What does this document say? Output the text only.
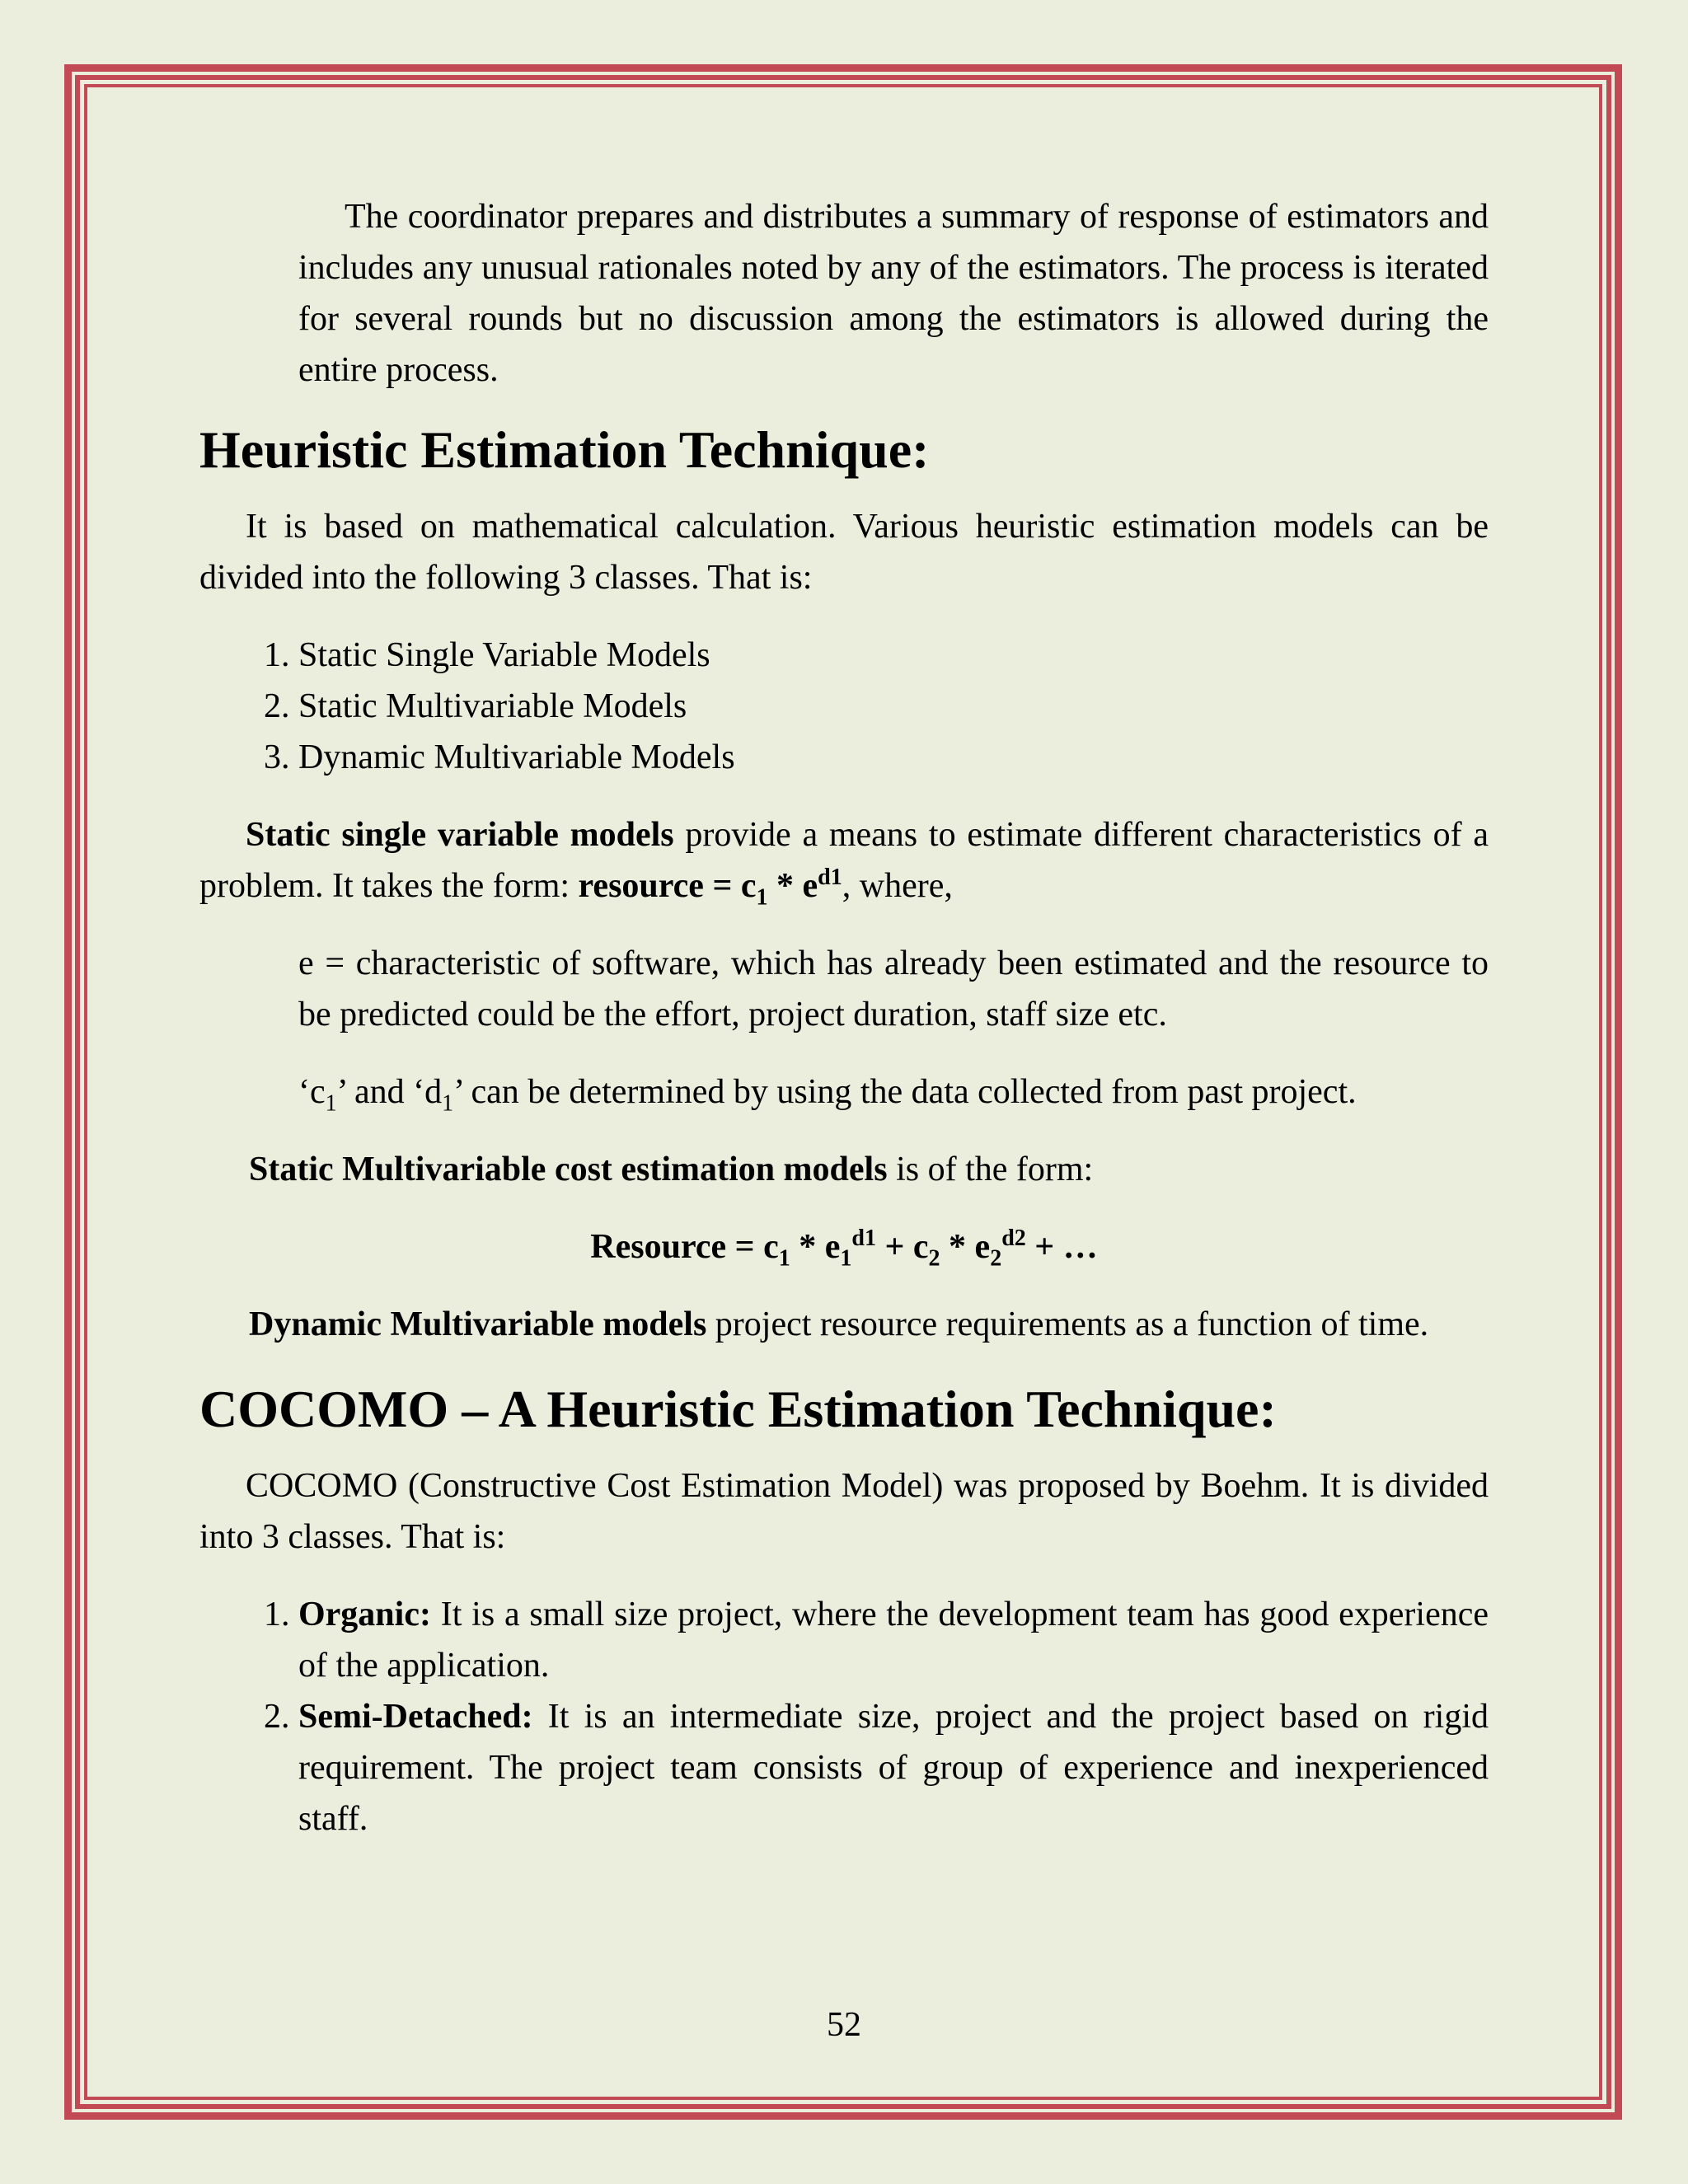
The coordinator prepares and distributes a summary of response of estimators and includes any unusual rationales noted by any of the estimators. The process is iterated for several rounds but no discussion among the estimators is allowed during the entire process.

Heuristic Estimation Technique:

It is based on mathematical calculation. Various heuristic estimation models can be divided into the following 3 classes. That is:

1. Static Single Variable Models
2. Static Multivariable Models
3. Dynamic Multivariable Models

Static single variable models provide a means to estimate different characteristics of a problem. It takes the form: resource = $c_1 * e^{d1}$, where,

e = characteristic of software, which has already been estimated and the resource to be predicted could be the effort, project duration, staff size etc.

‘$c_1$’ and ‘$d_1$’ can be determined by using the data collected from past project.

Static Multivariable cost estimation models is of the form:

Resource = $c_1 * e_1^{d1} + c_2 * e_2^{d2}$ + …

Dynamic Multivariable models project resource requirements as a function of time.

COCOMO – A Heuristic Estimation Technique:

COCOMO (Constructive Cost Estimation Model) was proposed by Boehm. It is divided into 3 classes. That is:

1. Organic: It is a small size project, where the development team has good experience of the application.
2. Semi-Detached: It is an intermediate size, project and the project based on rigid requirement. The project team consists of group of experience and inexperienced staff.
52
